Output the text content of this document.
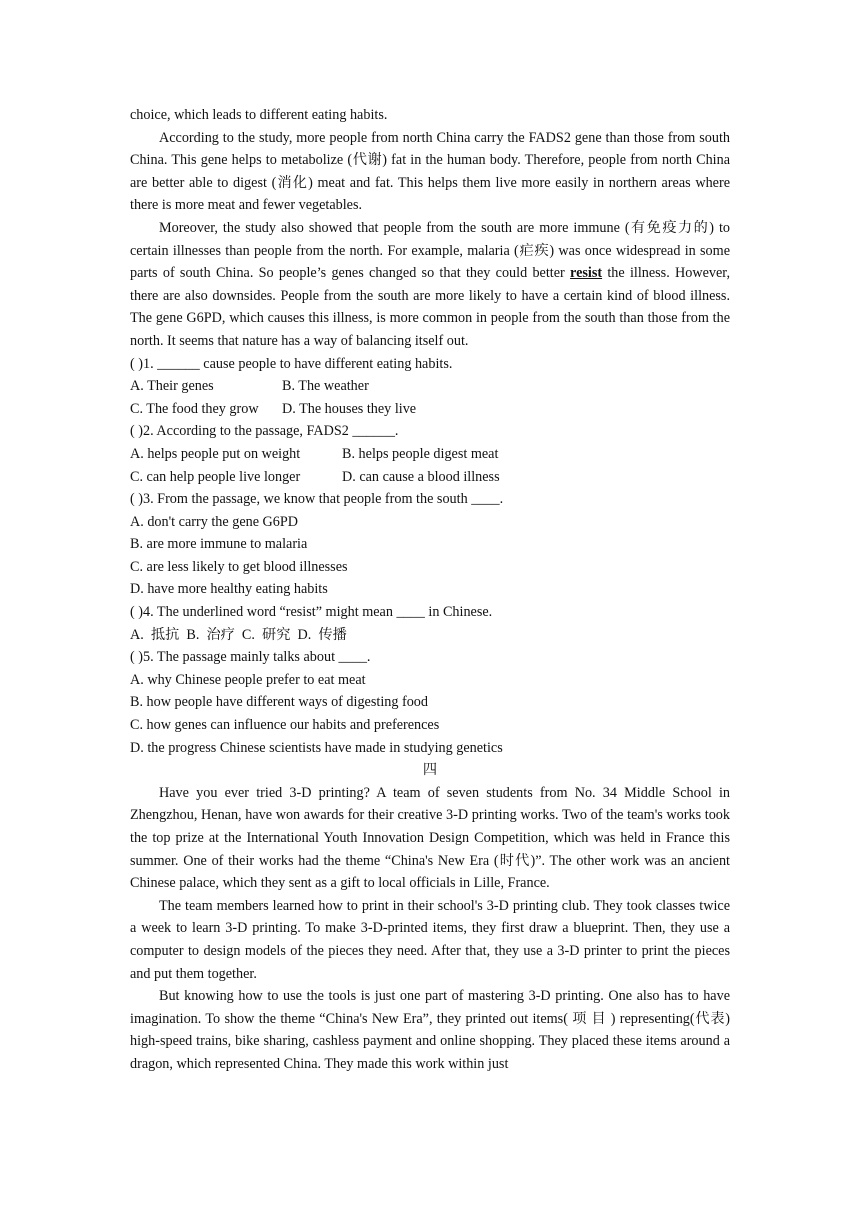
choice, which leads to different eating habits.

According to the study, more people from north China carry the FADS2 gene than those from south China. This gene helps to metabolize (代谢) fat in the human body. Therefore, people from north China are better able to digest (消化) meat and fat. This helps them live more easily in northern areas where there is more meat and fewer vegetables.

Moreover, the study also showed that people from the south are more immune (有免疫力的) to certain illnesses than people from the north. For example, malaria (疟疾) was once widespread in some parts of south China. So people’s genes changed so that they could better resist the illness. However, there are also downsides. People from the south are more likely to have a certain kind of blood illness. The gene G6PD, which causes this illness, is more common in people from the south than those from the north. It seems that nature has a way of balancing itself out.

( )1. ______ cause people to have different eating habits.

A. Their genes	B. The weather

C. The food they grow D. The houses they live

( )2. According to the passage, FADS2 ______.

A. helps people put on weight	B. helps people digest meat

C. can help people live longer	D. can cause a blood illness

( )3. From the passage, we know that people from the south ____.

A. don't carry the gene G6PD

B. are more immune to malaria

C. are less likely to get blood illnesses

D. have more healthy eating habits

( )4. The underlined word “resist” might mean ____ in Chinese.

A.  抵抗  B.  治疗  C.  研究  D.  传播

( )5. The passage mainly talks about ____.

A. why Chinese people prefer to eat meat

B. how people have different ways of digesting food

C. how genes can influence our habits and preferences

D. the progress Chinese scientists have made in studying genetics

四

Have you ever tried 3-D printing? A team of seven students from No. 34 Middle School in Zhengzhou, Henan, have won awards for their creative 3-D printing works. Two of the team's works took the top prize at the International Youth Innovation Design Competition, which was held in France this summer. One of their works had the theme “China's New Era (时代)”. The other work was an ancient Chinese palace, which they sent as a gift to local officials in Lille, France.

The team members learned how to print in their school's 3-D printing club. They took classes twice a week to learn 3-D printing. To make 3-D-printed items, they first draw a blueprint. Then, they use a computer to design models of the pieces they need. After that, they use a 3-D printer to print the pieces and put them together.

But knowing how to use the tools is just one part of mastering 3-D printing. One also has to have imagination. To show the theme “China's New Era”, they printed out items( 项 目 ) representing(代表) high-speed trains, bike sharing, cashless payment and online shopping. They placed these items around a dragon, which represented China. They made this work within just
